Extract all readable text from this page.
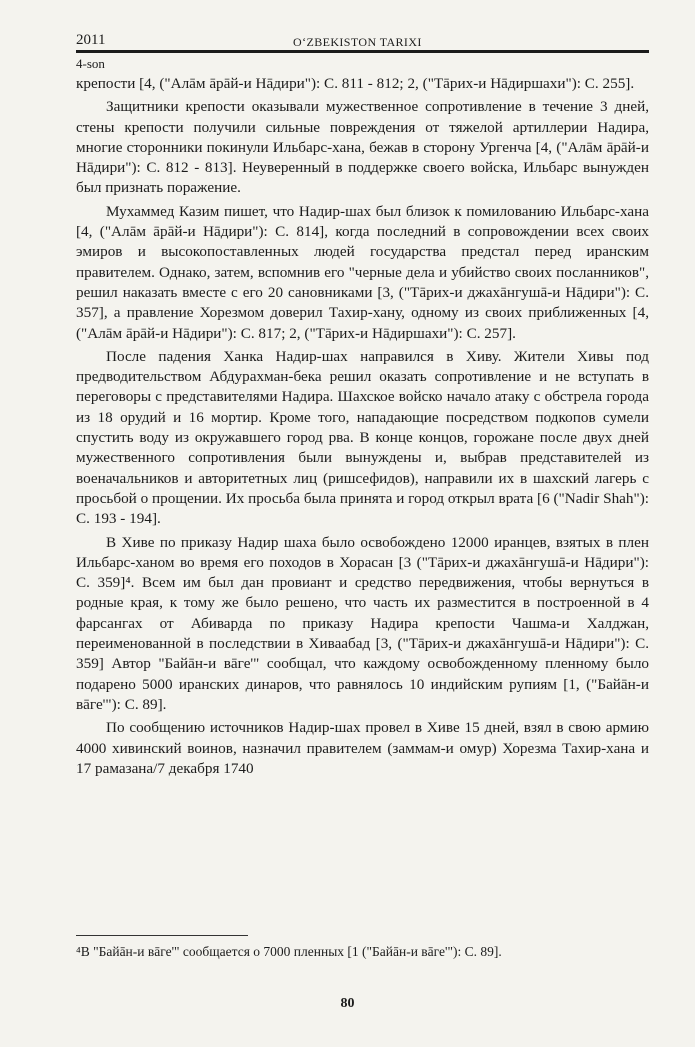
2011	O‘ZBEKISTON TARIXI
4-son

крепости [4, ("Алāм āрāй-и Нāдири"): С. 811 - 812; 2, ("Тāрих-и Нāдиршахи"): С. 255].

Защитники крепости оказывали мужественное сопротивление в течение 3 дней, стены крепости получили сильные повреждения от тяжелой артиллерии Надира, многие сторонники покинули Ильбарс-хана, бежав в сторону Ургенча [4, ("Алāм āрāй-и Нāдири"): С. 812 - 813]. Неуверенный в поддержке своего войска, Ильбарс вынужден был признать поражение.

Мухаммед Казим пишет, что Надир-шах был близок к помилованию Ильбарс-хана [4, ("Алāм āрāй-и Нāдири"): С. 814], когда последний в сопровождении всех своих эмиров и высокопоставленных людей государства предстал перед иранским правителем. Однако, затем, вспомнив его "черные дела и убийство своих посланников", решил наказать вместе с его 20 сановниками [3, ("Тāрих-и джахāнгушā-и Нāдири"): С. 357], а правление Хорезмом доверил Тахир-хану, одному из своих приближенных [4, ("Алāм āрāй-и Нāдири"): С. 817; 2, ("Тāрих-и Нāдиршахи"): С. 257].

После падения Ханка Надир-шах направился в Хиву. Жители Хивы под предводительством Абдурахман-бека решил оказать сопротивление и не вступать в переговоры с представителями Надира. Шахское войско начало атаку с обстрела города из 18 орудий и 16 мортир. Кроме того, нападающие посредством подкопов сумели спустить воду из окружавшего город рва. В конце концов, горожане после двух дней мужественного сопротивления были вынуждены и, выбрав представителей из военачальников и авторитетных лиц (ришсефидов), направили их в шахский лагерь с просьбой о прощении. Их просьба была принята и город открыл врата [6 ("Nadir Shah"): С. 193 - 194].

В Хиве по приказу Надир шаха было освобождено 12000 иранцев, взятых в плен Ильбарс-ханом во время его походов в Хорасан [3 ("Тāрих-и джахāнгушā-и Нāдири"): С. 359]⁴. Всем им был дан провиант и средство передвижения, чтобы вернуться в родные края, к тому же было решено, что часть их разместится в построенной в 4 фарсангах от Абиварда по приказу Надира крепости Чашма-и Халджан, переименованной в последствии в Хиваабад [3, ("Тāрих-и джахāнгушā-и Нāдири"): С. 359] Автор "Байāн-и вāге'" сообщал, что каждому освобожденному пленному было подарено 5000 иранских динаров, что равнялось 10 индийским рупиям [1, ("Байāн-и вāге'"): С. 89].

По сообщению источников Надир-шах провел в Хиве 15 дней, взял в свою армию 4000 хивинский воинов, назначил правителем (заммам-и омур) Хорезма Тахир-хана и 17 рамазана/7 декабря 1740

⁴В "Байāн-и вāге'" сообщается о 7000 пленных [1 ("Байāн-и вāге'"): С. 89].
80
